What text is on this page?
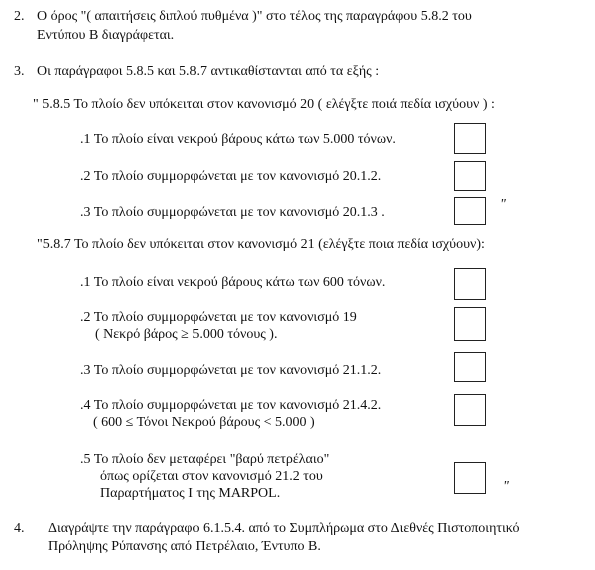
2. Ο όρος "( απαιτήσεις διπλού πυθμένα )" στο τέλος της παραγράφου 5.8.2 του
Εντύπου Β διαγράφεται.
3. Οι παράγραφοι 5.8.5 και 5.8.7 αντικαθίστανται από τα εξής :
" 5.8.5 Το πλοίο δεν υπόκειται στον κανονισμό 20 ( ελέγξτε ποιά πεδία ισχύουν ) :
.1 Το πλοίο είναι νεκρού βάρους κάτω των 5.000 τόνων.
.2 Το πλοίο συμμορφώνεται με τον κανονισμό 20.1.2.
.3 Το πλοίο συμμορφώνεται με τον κανονισμό 20.1.3 .
"
"5.8.7 Το πλοίο δεν υπόκειται στον κανονισμό 21 (ελέγξτε ποια πεδία ισχύουν):
.1 Το πλοίο είναι νεκρού βάρους κάτω των 600 τόνων.
.2 Το πλοίο συμμορφώνεται με τον κανονισμό 19
( Νεκρό βάρος ≥ 5.000 τόνους ).
.3 Το πλοίο συμμορφώνεται με τον κανονισμό 21.1.2.
.4 Το πλοίο συμμορφώνεται με τον κανονισμό 21.4.2.
( 600 ≤ Τόνοι Νεκρού βάρους < 5.000 )
.5 Το πλοίο δεν μεταφέρει "βαρύ πετρέλαιο"
όπως ορίζεται στον κανονισμό 21.2 του
Παραρτήματος Ι της MARPOL.	"
4. Διαγράψτε την παράγραφο 6.1.5.4. από το Συμπλήρωμα στο Διεθνές Πιστοποιητικό
Πρόληψης Ρύπανσης από Πετρέλαιο, Έντυπο Β.
